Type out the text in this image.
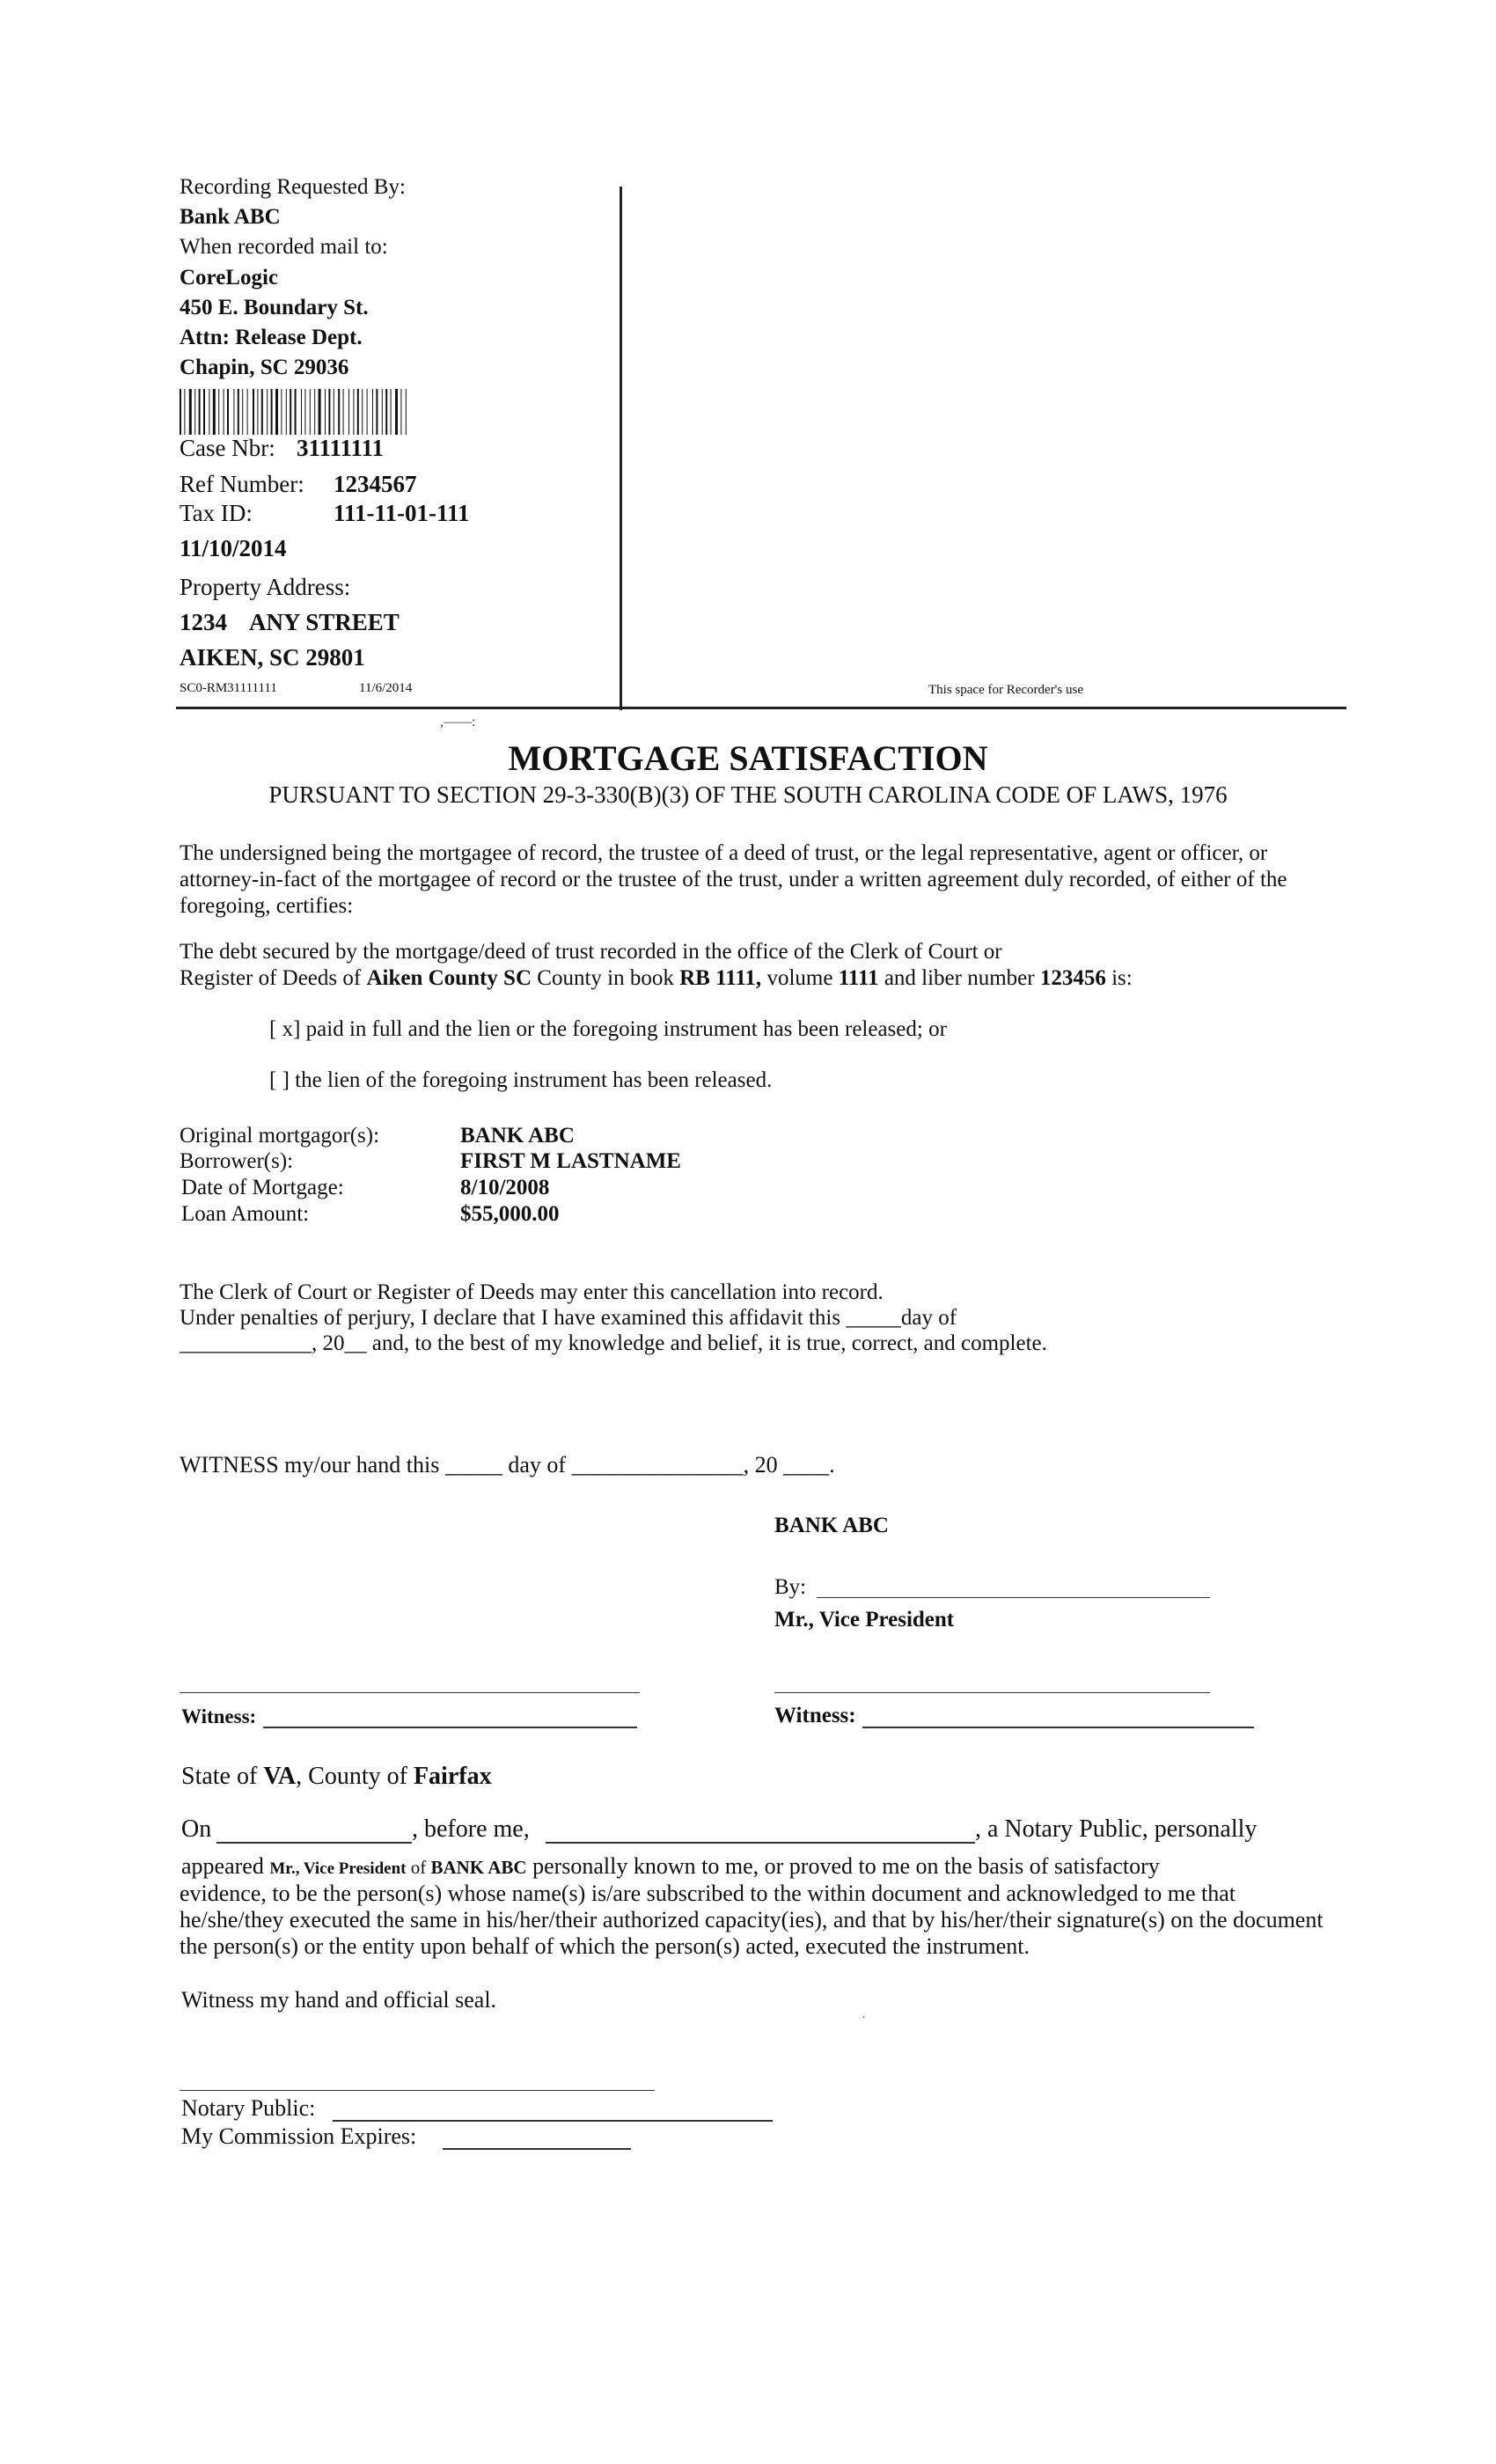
Recording Requested By:
Bank ABC
When recorded mail to:
CoreLogic
450 E. Boundary St.
Attn: Release Dept.
Chapin, SC 29036
Case Nbr: 31111111
Ref Number: 1234567
Tax ID:	111-11-01-111
11/10/2014
Property Address:
1234 ANY STREET
AIKEN, SC 29801
SC0-RM31111111	11/6/2014	This space for Recorder's use
,——:
MORTGAGE SATISFACTION
PURSUANT TO SECTION 29-3-330(B)(3) OF THE SOUTH CAROLINA CODE OF LAWS, 1976
The undersigned being the mortgagee of record, the trustee of a deed of trust, or the legal representative, agent or officer, or attorney-in-fact of the mortgagee of record or the trustee of the trust, under a written agreement duly recorded, of either of the foregoing, certifies:
The debt secured by the mortgage/deed of trust recorded in the office of the Clerk of Court or
Register of Deeds of Aiken County SC County in book RB 1111, volume 1111 and liber number 123456 is:
[ x] paid in full and the lien or the foregoing instrument has been released; or
[ ] the lien of the foregoing instrument has been released.
Original mortgagor(s):	BANK ABC
Borrower(s):	FIRST M LASTNAME
Date of Mortgage:	8/10/2008
Loan Amount:	$55,000.00
The Clerk of Court or Register of Deeds may enter this cancellation into record.
Under penalties of perjury, I declare that I have examined this affidavit this _____day of
____________, 20__ and, to the best of my knowledge and belief, it is true, correct, and complete.
WITNESS my/our hand this _____ day of _______________, 20 ____.
BANK ABC
By:
Mr., Vice President
Witness:	Witness:
State of VA, County of Fairfax
On	, before me,	, a Notary Public, personally
appeared Mr., Vice President of BANK ABC personally known to me, or proved to me on the basis of satisfactory
evidence, to be the person(s) whose name(s) is/are subscribed to the within document and acknowledged to me that he/she/they executed the same in his/her/their authorized capacity(ies), and that by his/her/their signature(s) on the document the person(s) or the entity upon behalf of which the person(s) acted, executed the instrument.
Witness my hand and official seal.
.
Notary Public:
My Commission Expires:
